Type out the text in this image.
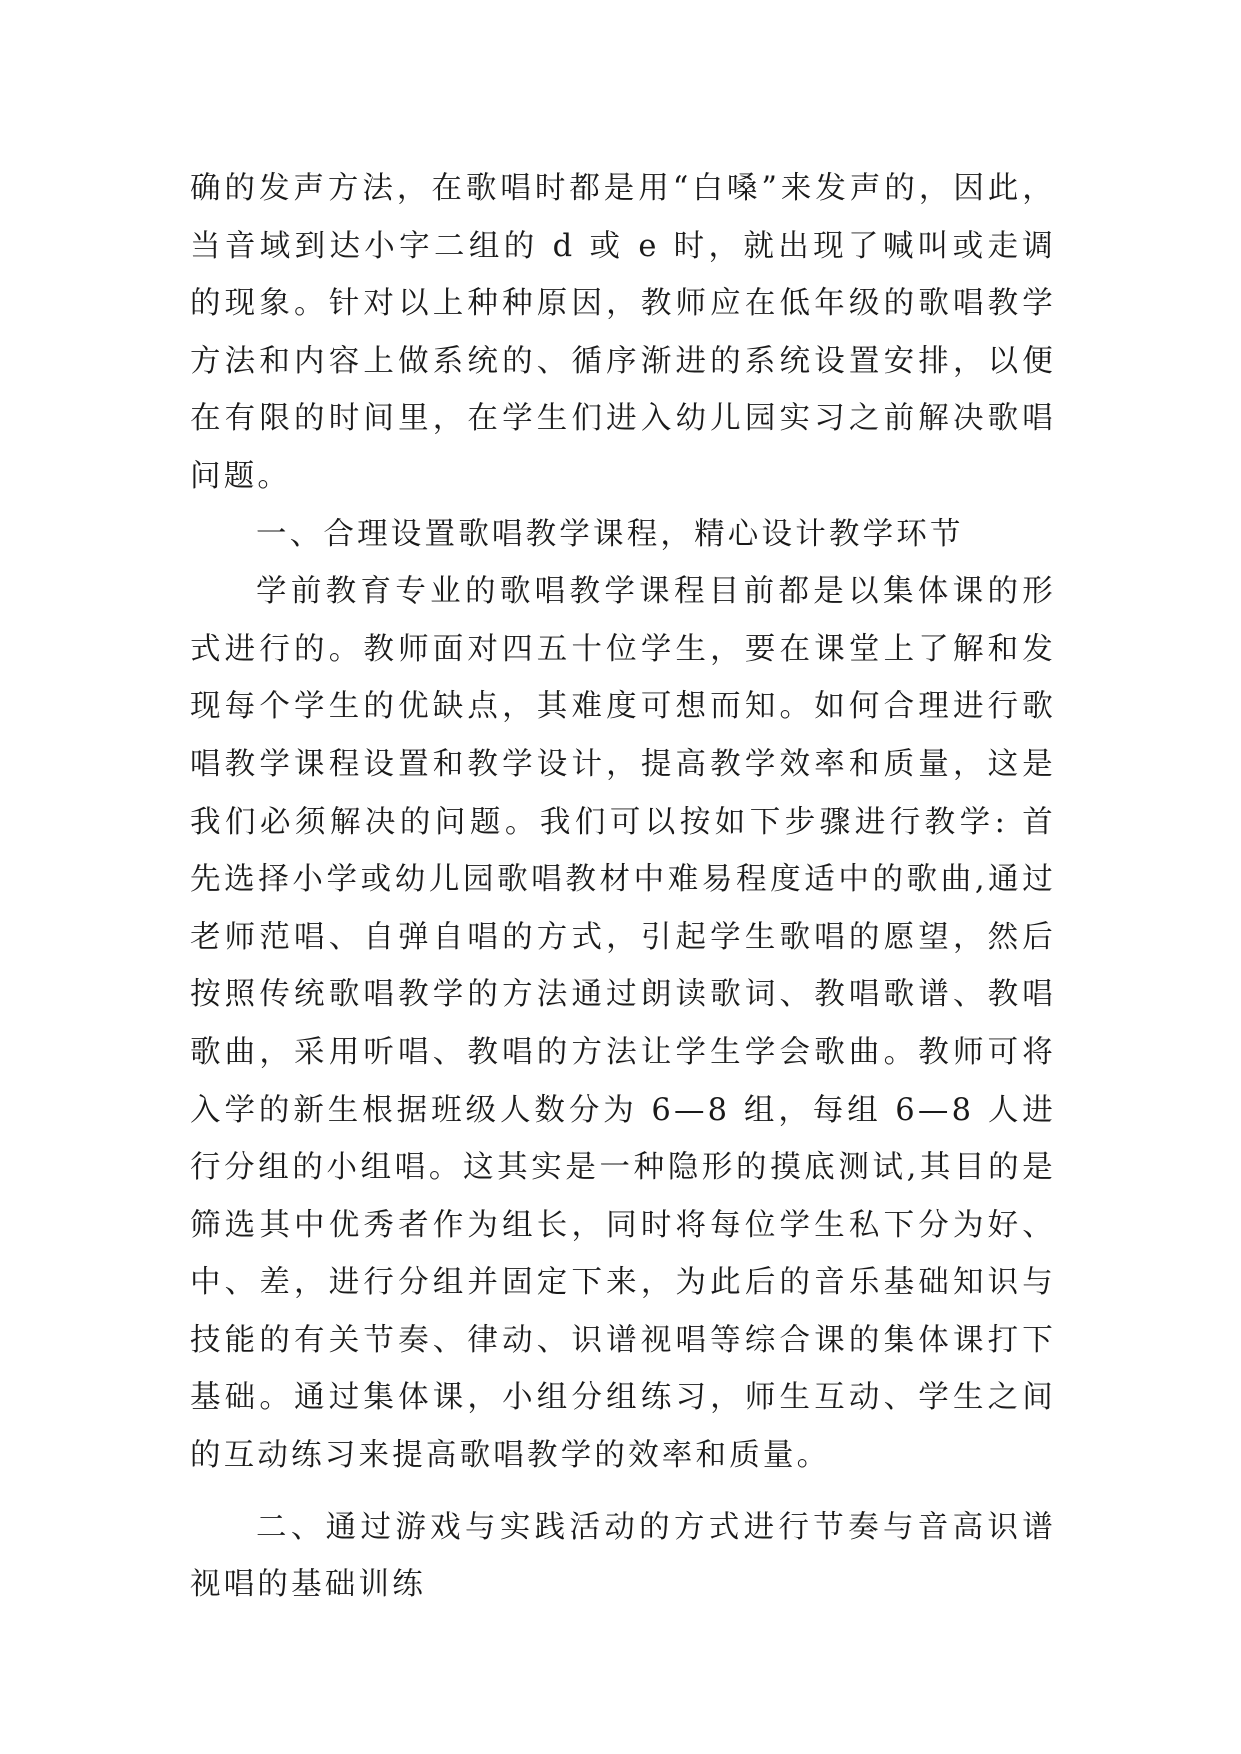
确的发声方法，在歌唱时都是用“白嗓”来发声的，因此，当音域到达小字二组的 d 或 e 时，就出现了喊叫或走调的现象。针对以上种种原因，教师应在低年级的歌唱教学方法和内容上做系统的、循序渐进的系统设置安排，以便在有限的时间里，在学生们进入幼儿园实习之前解决歌唱问题。

一、合理设置歌唱教学课程，精心设计教学环节

学前教育专业的歌唱教学课程目前都是以集体课的形式进行的。教师面对四五十位学生，要在课堂上了解和发现每个学生的优缺点，其难度可想而知。如何合理进行歌唱教学课程设置和教学设计，提高教学效率和质量，这是我们必须解决的问题。我们可以按如下步骤进行教学: 首先选择小学或幼儿园歌唱教材中难易程度适中的歌曲,通过老师范唱、自弹自唱的方式，引起学生歌唱的愿望，然后按照传统歌唱教学的方法通过朗读歌词、教唱歌谱、教唱歌曲，采用听唱、教唱的方法让学生学会歌曲。教师可将入学的新生根据班级人数分为 6—8 组，每组 6—8 人进行分组的小组唱。这其实是一种隐形的摸底测试,其目的是筛选其中优秀者作为组长，同时将每位学生私下分为好、中、差，进行分组并固定下来，为此后的音乐基础知识与技能的有关节奏、律动、识谱视唱等综合课的集体课打下基础。通过集体课，小组分组练习，师生互动、学生之间的互动练习来提高歌唱教学的效率和质量。

二、通过游戏与实践活动的方式进行节奏与音高识谱视唱的基础训练
